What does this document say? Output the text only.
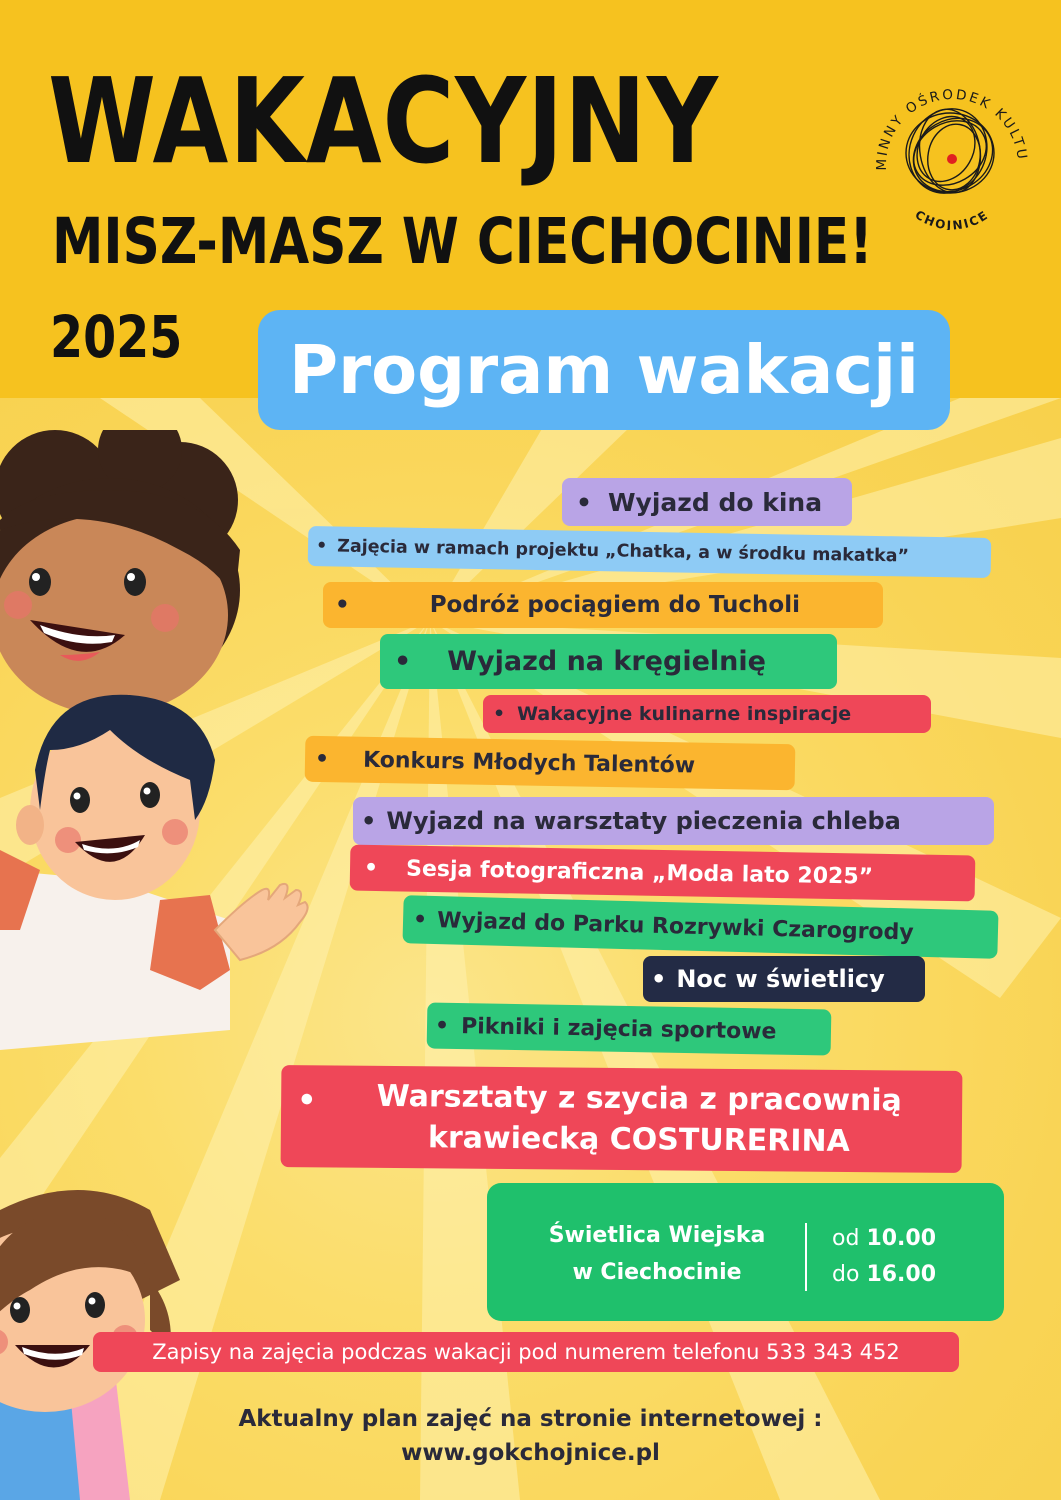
WAKACYJNY
MISZ-MASZ W CIECHOCINIE!
2025
MINNY OŚRODEK KULTU
CHOJNICE
Program wakacji
• Wyjazd do kina
• Zajęcia w ramach projektu „Chatka, a w środku makatka”
•	Podróż pociągiem do Tucholi
• Wyjazd na kręgielnię
• Wakacyjne kulinarne inspiracje
• Konkurs Młodych Talentów
• Wyjazd na warsztaty pieczenia chleba
• Sesja fotograficzna „Moda lato 2025”
• Wyjazd do Parku Rozrywki Czarogrody
• Noc w świetlicy
• Pikniki i zajęcia sportowe
•	Warsztaty z szycia z pracownią
krawiecką COSTURERINA
Świetlica Wiejska
w Ciechocinie
od 10.00
do 16.00
Zapisy na zajęcia podczas wakacji pod numerem telefonu 533 343 452
Aktualny plan zajęć na stronie internetowej :
www.gokchojnice.pl
